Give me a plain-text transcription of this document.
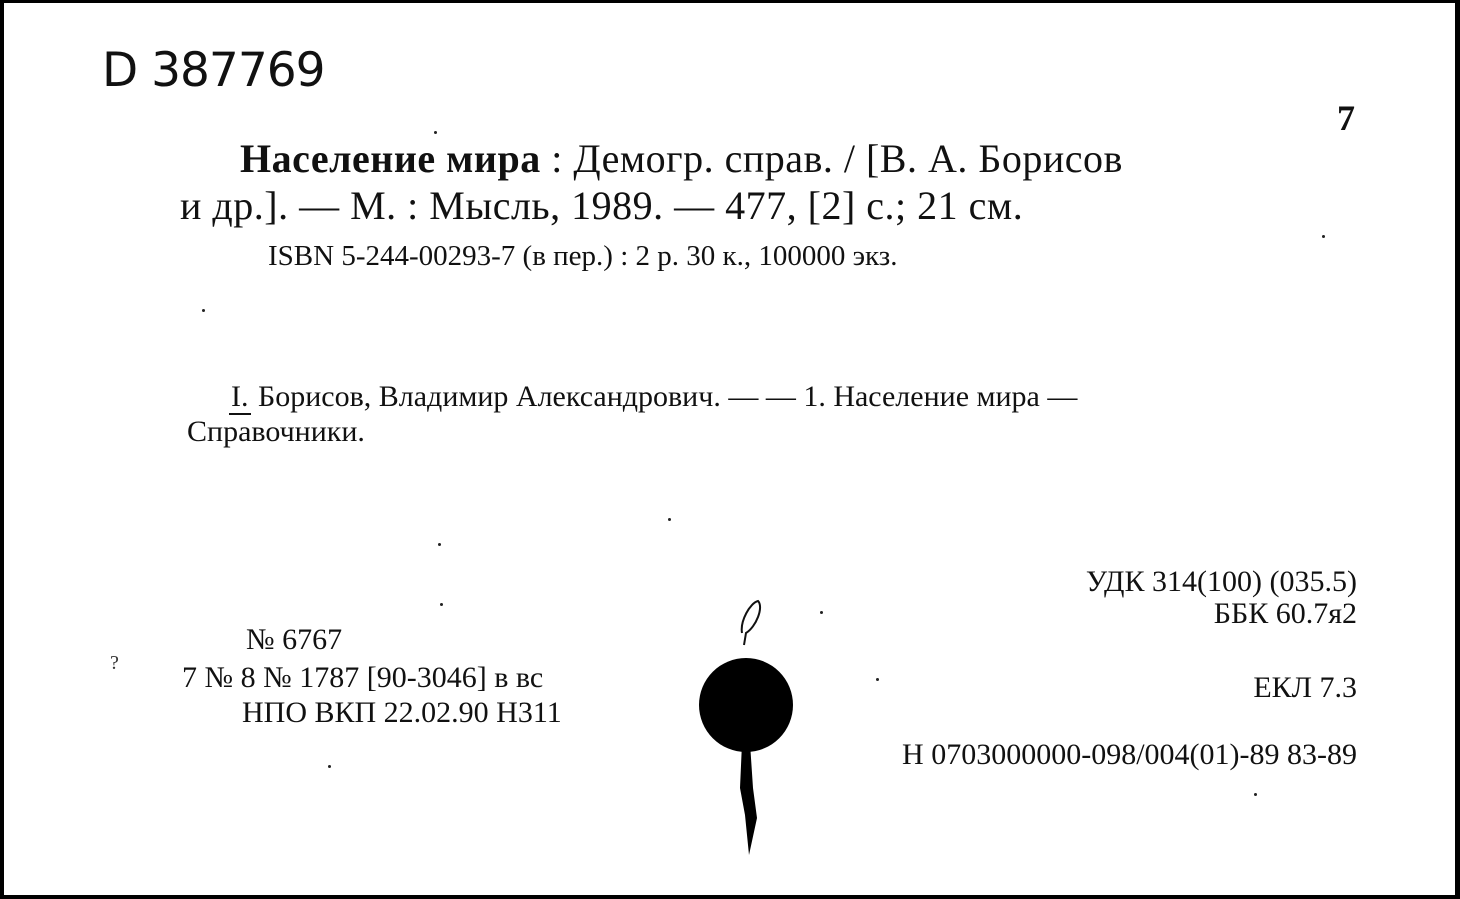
D 387769
7
Население мира : Демогр. справ. / [В. А. Борисов
и др.]. — М. : Мысль, 1989. — 477, [2] с.; 21 см.
ISBN 5-244-00293-7 (в пер.) : 2 р. 30 к., 100000 экз.
I. Борисов, Владимир Александрович. — — 1. Население мира —
Справочники.
УДК 314(100) (035.5)
ББК 60.7я2
ЕКЛ 7.3
Н 0703000000-098/004(01)-89 83-89
№ 6767
7 № 8 № 1787 [90-3046] в вс
НПО ВКП 22.02.90 Н311
?
